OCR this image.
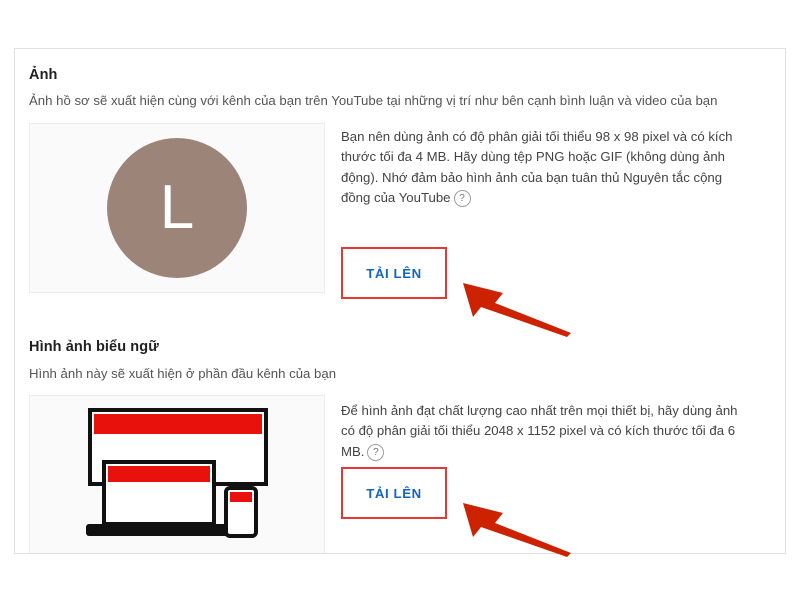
Ảnh
Ảnh hồ sơ sẽ xuất hiện cùng với kênh của bạn trên YouTube tại những vị trí như bên cạnh bình luận và video của bạn
L
Bạn nên dùng ảnh có độ phân giải tối thiểu 98 x 98 pixel và có kích thước tối đa 4 MB. Hãy dùng tệp PNG hoặc GIF (không dùng ảnh động). Nhớ đảm bảo hình ảnh của bạn tuân thủ Nguyên tắc cộng đồng của YouTube ?
TẢI LÊN
Hình ảnh biểu ngữ
Hình ảnh này sẽ xuất hiện ở phần đầu kênh của bạn
Để hình ảnh đạt chất lượng cao nhất trên mọi thiết bị, hãy dùng ảnh có độ phân giải tối thiểu 2048 x 1152 pixel và có kích thước tối đa 6 MB. ?
TẢI LÊN
